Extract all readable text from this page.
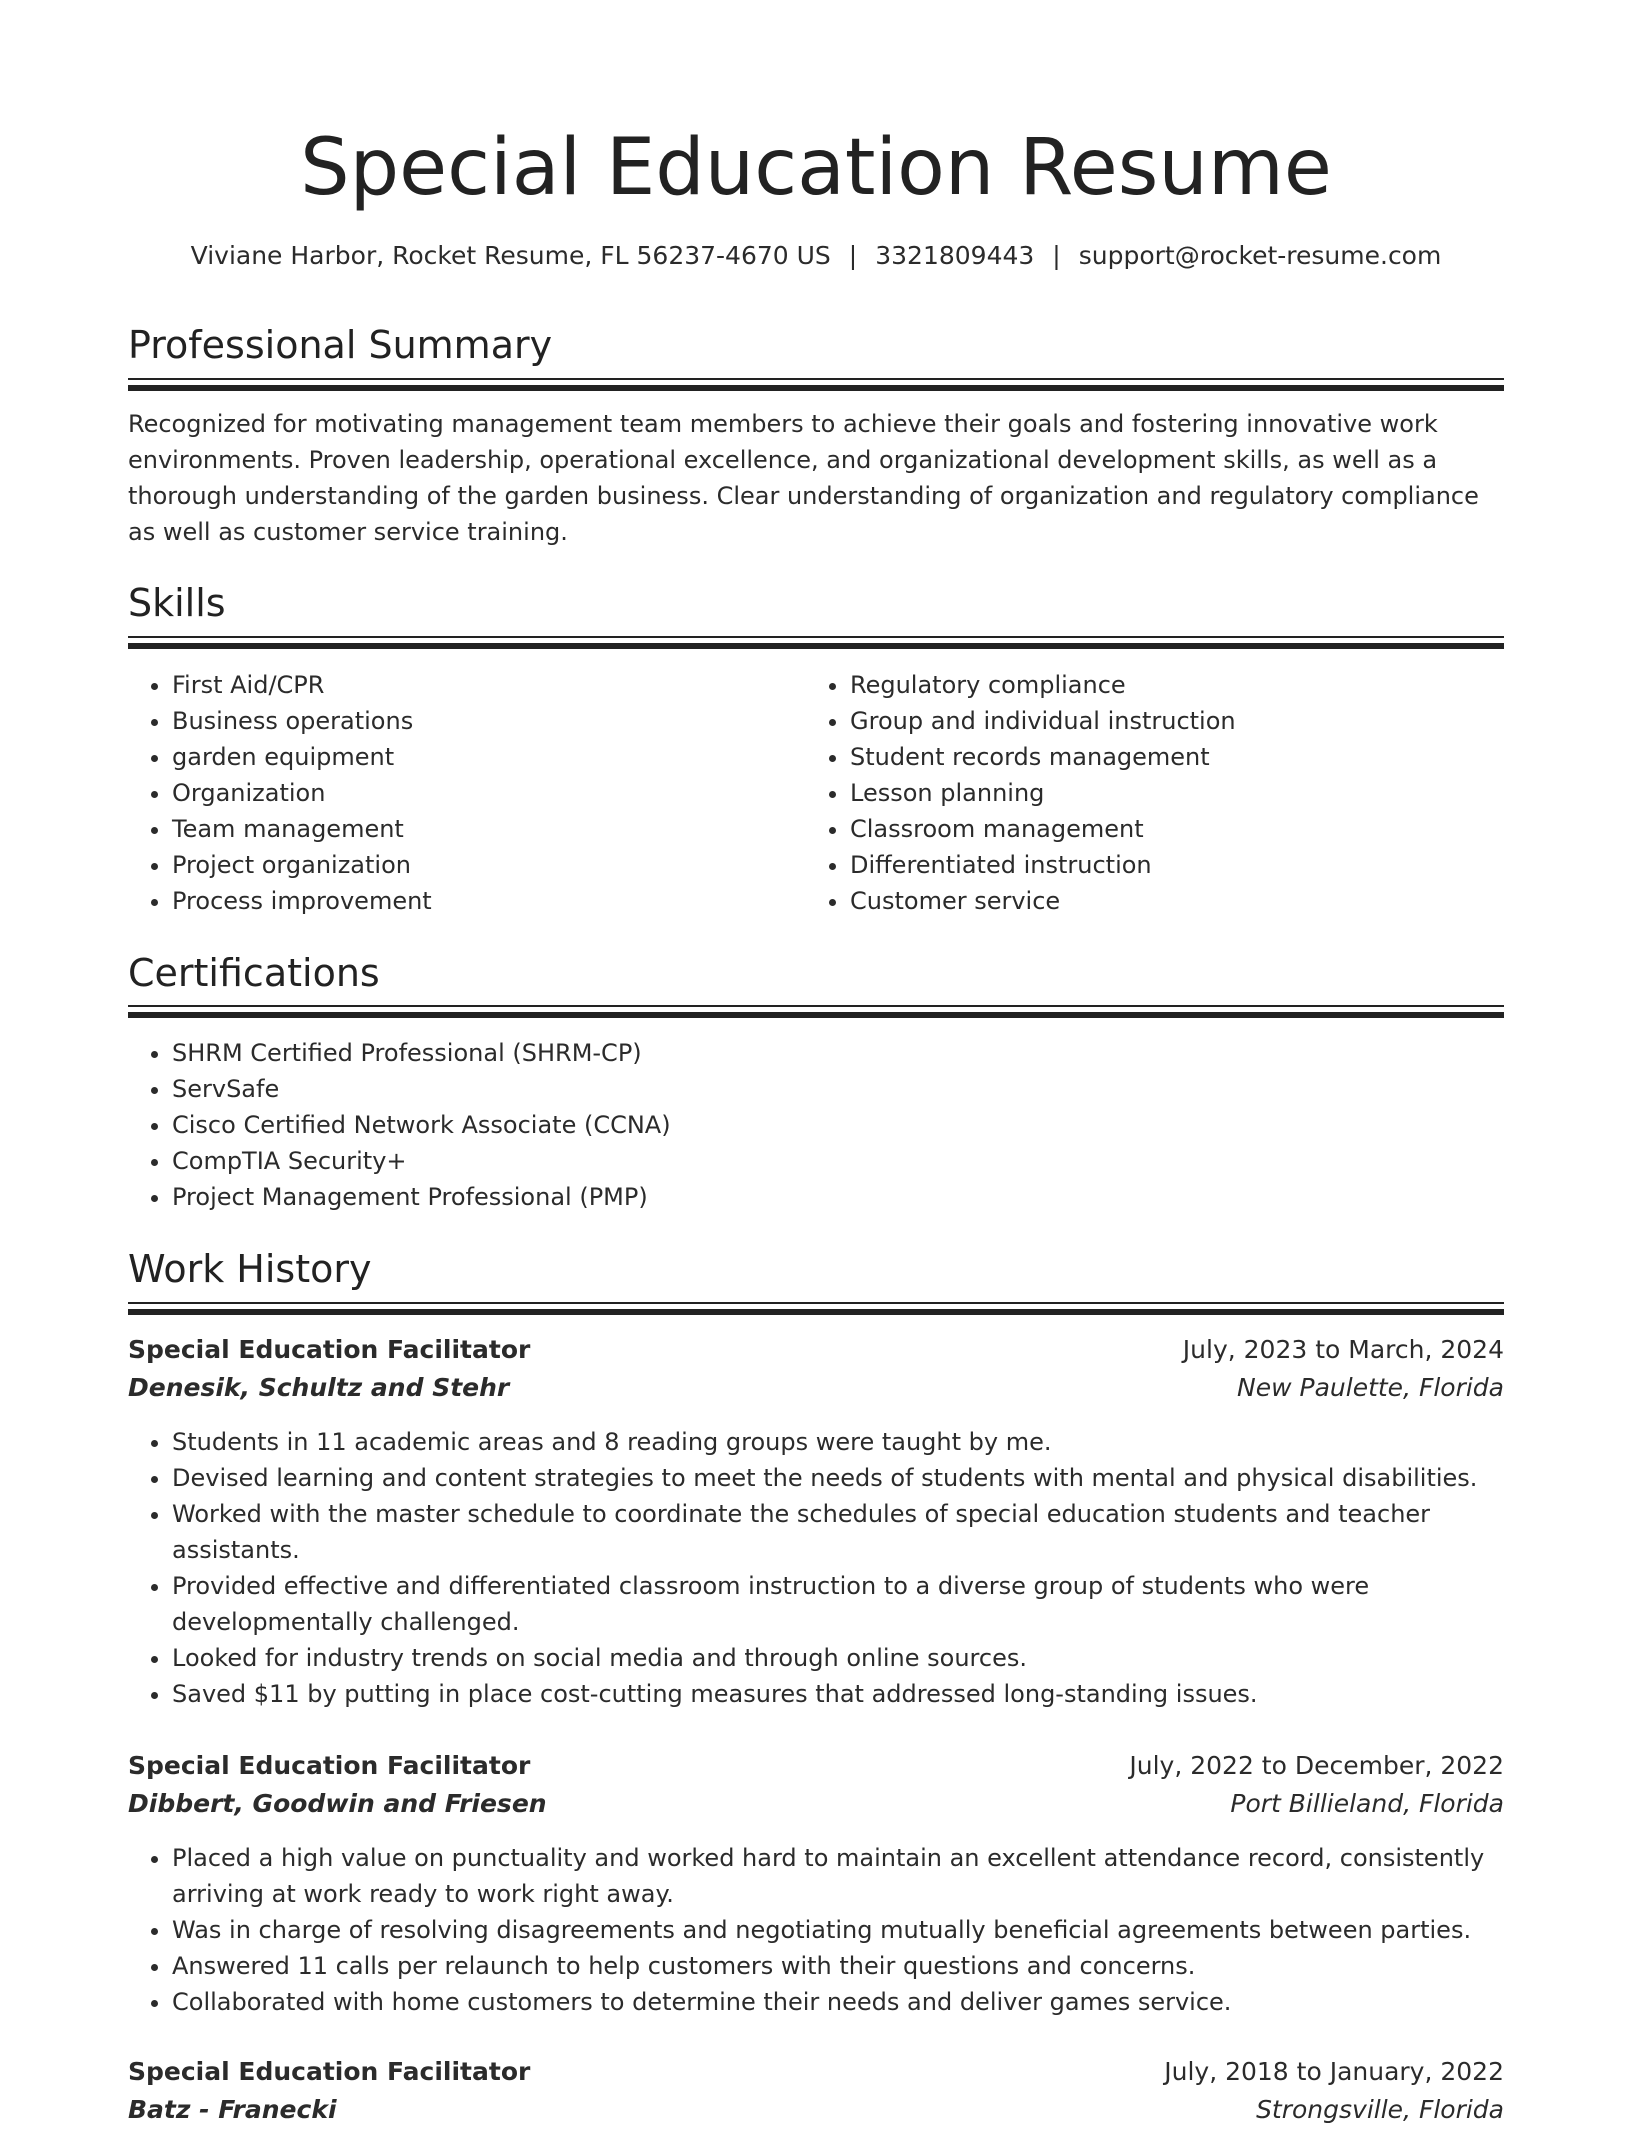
Special Education Resume
Viviane Harbor, Rocket Resume, FL 56237-4670 US | 3321809443 | support@rocket-resume.com
Professional Summary

Recognized for motivating management team members to achieve their goals and fostering innovative work environments. Proven leadership, operational excellence, and organizational development skills, as well as a thorough understanding of the garden business. Clear understanding of organization and regulatory compliance as well as customer service training.

Skills
• First Aid/CPR
• Business operations
• garden equipment
• Organization
• Team management
• Project organization
• Process improvement
• Regulatory compliance
• Group and individual instruction
• Student records management
• Lesson planning
• Classroom management
• Differentiated instruction
• Customer service
Certifications
• SHRM Certified Professional (SHRM-CP)
• ServSafe
• Cisco Certified Network Associate (CCNA)
• CompTIA Security+
• Project Management Professional (PMP)
Work History
Special Education Facilitator	July, 2023 to March, 2024
Denesik, Schultz and Stehr	New Paulette, Florida
• Students in 11 academic areas and 8 reading groups were taught by me.
• Devised learning and content strategies to meet the needs of students with mental and physical disabilities.
• Worked with the master schedule to coordinate the schedules of special education students and teacher assistants.
• Provided effective and differentiated classroom instruction to a diverse group of students who were developmentally challenged.
• Looked for industry trends on social media and through online sources.
• Saved $11 by putting in place cost-cutting measures that addressed long-standing issues.
Special Education Facilitator	July, 2022 to December, 2022
Dibbert, Goodwin and Friesen	Port Billieland, Florida
• Placed a high value on punctuality and worked hard to maintain an excellent attendance record, consistently arriving at work ready to work right away.
• Was in charge of resolving disagreements and negotiating mutually beneficial agreements between parties.
• Answered 11 calls per relaunch to help customers with their questions and concerns.
• Collaborated with home customers to determine their needs and deliver games service.
Special Education Facilitator	July, 2018 to January, 2022
Batz - Franecki	Strongsville, Florida
